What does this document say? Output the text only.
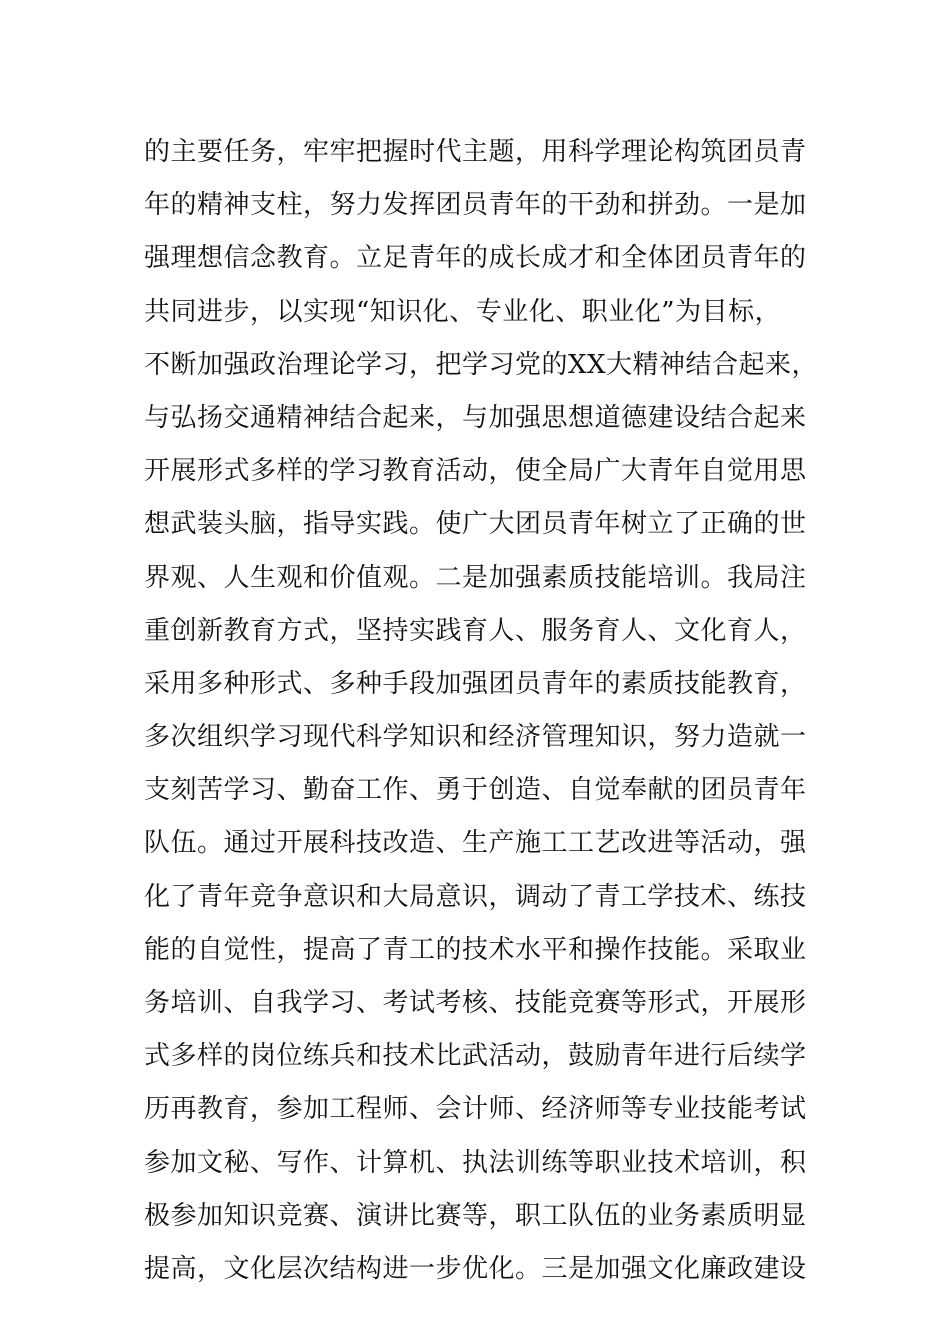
的主要任务，牢牢把握时代主题，用科学理论构筑团员青
年的精神支柱，努力发挥团员青年的干劲和拼劲。一是加
强理想信念教育。立足青年的成长成才和全体团员青年的
共同进步，以实现“知识化、专业化、职业化”为目标，
不断加强政治理论学习，把学习党的XX大精神结合起来，
与弘扬交通精神结合起来，与加强思想道德建设结合起来
开展形式多样的学习教育活动，使全局广大青年自觉用思
想武装头脑，指导实践。使广大团员青年树立了正确的世
界观、人生观和价值观。二是加强素质技能培训。我局注
重创新教育方式，坚持实践育人、服务育人、文化育人，
采用多种形式、多种手段加强团员青年的素质技能教育，
多次组织学习现代科学知识和经济管理知识，努力造就一
支刻苦学习、勤奋工作、勇于创造、自觉奉献的团员青年
队伍。通过开展科技改造、生产施工工艺改进等活动，强
化了青年竞争意识和大局意识，调动了青工学技术、练技
能的自觉性，提高了青工的技术水平和操作技能。采取业
务培训、自我学习、考试考核、技能竞赛等形式，开展形
式多样的岗位练兵和技术比武活动，鼓励青年进行后续学
历再教育，参加工程师、会计师、经济师等专业技能考试
参加文秘、写作、计算机、执法训练等职业技术培训，积
极参加知识竞赛、演讲比赛等，职工队伍的业务素质明显
提高，文化层次结构进一步优化。三是加强文化廉政建设
